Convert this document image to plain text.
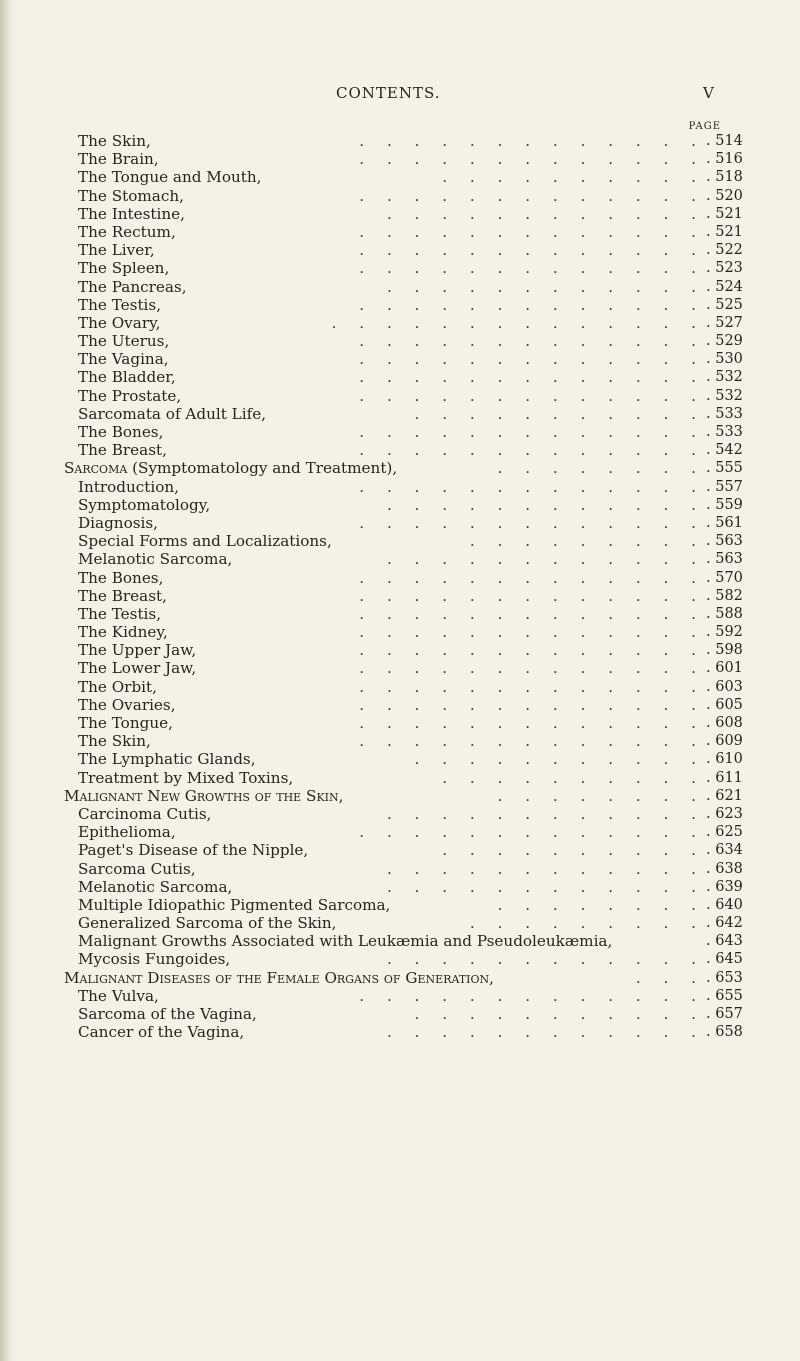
CONTENTS.	V
PAGE
The Skin,	. . . . . . . . . . . . . . 514
The Brain,	. . . . . . . . . . . . . . 516
The Tongue and Mouth,	. . . . . . . . . . . 518
The Stomach,	. . . . . . . . . . . . . . 520
The Intestine,	. . . . . . . . . . . . . 521
The Rectum,	. . . . . . . . . . . . . . 521
The Liver,	. . . . . . . . . . . . . . 522
The Spleen,	. . . . . . . . . . . . . . 523
The Pancreas,	. . . . . . . . . . . . . 524
The Testis,	. . . . . . . . . . . . . . 525
The Ovary,	. . . . . . . . . . . . . . . 527
The Uterus,	. . . . . . . . . . . . . . 529
The Vagina,	. . . . . . . . . . . . . . 530
The Bladder,	. . . . . . . . . . . . . . 532
The Prostate,	. . . . . . . . . . . . . . 532
Sarcomata of Adult Life,	. . . . . . . . . . . . 533
The Bones,	. . . . . . . . . . . . . . 533
The Breast,	. . . . . . . . . . . . . . 542
Sarcoma (Symptomatology and Treatment),	. . . . . . . . . 555
Introduction,	. . . . . . . . . . . . . . 557
Symptomatology,	. . . . . . . . . . . . . 559
Diagnosis,	. . . . . . . . . . . . . . 561
Special Forms and Localizations,	. . . . . . . . . . 563
Melanotic Sarcoma,	. . . . . . . . . . . . . 563
The Bones,	. . . . . . . . . . . . . . 570
The Breast,	. . . . . . . . . . . . . . 582
The Testis,	. . . . . . . . . . . . . . 588
The Kidney,	. . . . . . . . . . . . . . 592
The Upper Jaw,	. . . . . . . . . . . . . . 598
The Lower Jaw,	. . . . . . . . . . . . . . 601
The Orbit,	. . . . . . . . . . . . . . 603
The Ovaries,	. . . . . . . . . . . . . . 605
The Tongue,	. . . . . . . . . . . . . . 608
The Skin,	. . . . . . . . . . . . . . 609
The Lymphatic Glands,	. . . . . . . . . . . . 610
Treatment by Mixed Toxins,	. . . . . . . . . . . 611
Malignant New Growths of the Skin,	. . . . . . . . . 621
Carcinoma Cutis,	. . . . . . . . . . . . . 623
Epithelioma,	. . . . . . . . . . . . . . 625
Paget's Disease of the Nipple,	. . . . . . . . . . . 634
Sarcoma Cutis,	. . . . . . . . . . . . . 638
Melanotic Sarcoma,	. . . . . . . . . . . . . 639
Multiple Idiopathic Pigmented Sarcoma,	. . . . . . . . . 640
Generalized Sarcoma of the Skin,	. . . . . . . . . . 642
Malignant Growths Associated with Leukæmia and Pseudoleukæmia,	. 643
Mycosis Fungoides,	. . . . . . . . . . . . . 645
Malignant Diseases of the Female Organs of Generation,	. . . . 653
The Vulva,	. . . . . . . . . . . . . . 655
Sarcoma of the Vagina,	. . . . . . . . . . . . 657
Cancer of the Vagina,	. . . . . . . . . . . . . 658
